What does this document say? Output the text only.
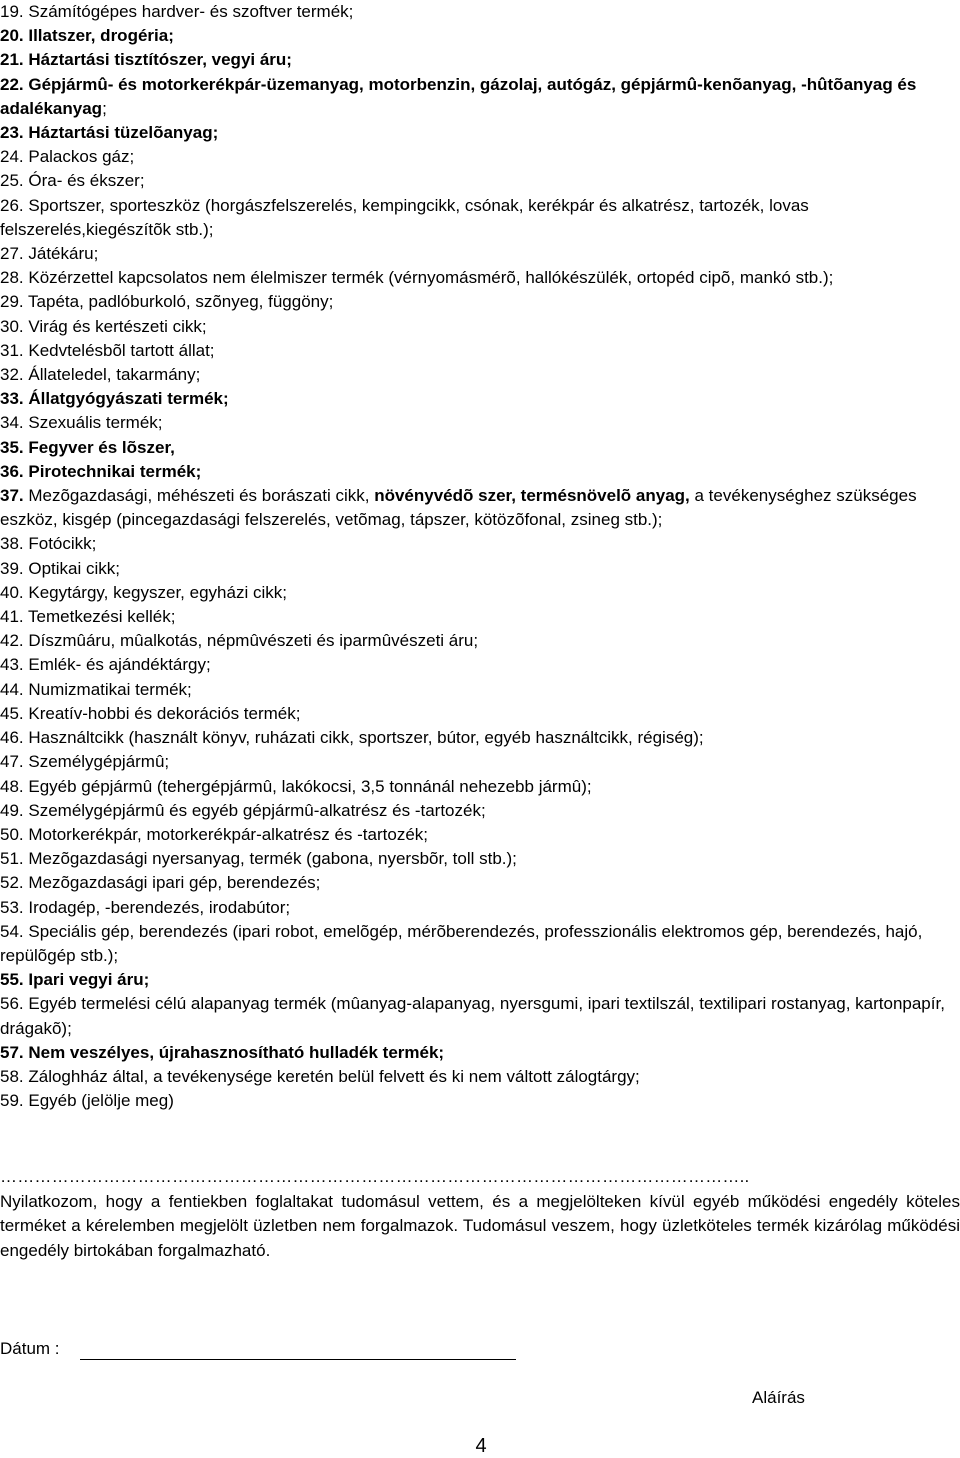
19. Számítógépes hardver- és szoftver termék;
20. Illatszer, drogéria;
21. Háztartási tisztítószer, vegyi áru;
22. Gépjármû- és motorkerékpár-üzemanyag, motorbenzin, gázolaj, autógáz, gépjármû-kenõanyag, -hûtõanyag és adalékanyag;
23. Háztartási tüzelõanyag;
24. Palackos gáz;
25. Óra- és ékszer;
26. Sportszer, sporteszköz (horgászfelszerelés, kempingcikk, csónak, kerékpár és alkatrész, tartozék, lovas felszerelés,kiegészítõk stb.);
27. Játékáru;
28. Közérzettel kapcsolatos nem élelmiszer termék (vérnyomásmérõ, hallókészülék, ortopéd cipõ, mankó stb.);
29. Tapéta, padlóburkoló, szõnyeg, függöny;
30. Virág és kertészeti cikk;
31. Kedvtelésbõl tartott állat;
32. Állateledel, takarmány;
33. Állatgyógyászati termék;
34. Szexuális termék;
35. Fegyver és lõszer,
36. Pirotechnikai termék;
37. Mezõgazdasági, méhészeti és borászati cikk, növényvédõ szer, termésnövelõ anyag, a tevékenységhez szükséges eszköz, kisgép (pincegazdasági felszerelés, vetõmag, tápszer, kötözõfonal, zsineg stb.);
38. Fotócikk;
39. Optikai cikk;
40. Kegytárgy, kegyszer, egyházi cikk;
41. Temetkezési kellék;
42. Díszmûáru, mûalkotás, népmûvészeti és iparmûvészeti áru;
43. Emlék- és ajándéktárgy;
44. Numizmatikai termék;
45. Kreatív-hobbi és dekorációs termék;
46. Használtcikk (használt könyv, ruházati cikk, sportszer, bútor, egyéb használtcikk, régiség);
47. Személygépjármû;
48. Egyéb gépjármû (tehergépjármû, lakókocsi, 3,5 tonnánál nehezebb jármû);
49. Személygépjármû és egyéb gépjármû-alkatrész és -tartozék;
50. Motorkerékpár, motorkerékpár-alkatrész és -tartozék;
51. Mezõgazdasági nyersanyag, termék (gabona, nyersbõr, toll stb.);
52. Mezõgazdasági ipari gép, berendezés;
53. Irodagép, -berendezés, irodabútor;
54. Speciális gép, berendezés (ipari robot, emelõgép, mérõberendezés, professzionális elektromos gép, berendezés, hajó, repülõgép stb.);
55. Ipari vegyi áru;
56. Egyéb termelési célú alapanyag termék (mûanyag-alapanyag, nyersgumi, ipari textilszál, textilipari rostanyag, kartonpapír, drágakõ);
57. Nem veszélyes, újrahasznosítható hulladék termék;
58. Záloghház által, a tevékenysége keretén belül felvett és ki nem váltott zálogtárgy;
59. Egyéb (jelölje meg)
…………………………………………………………………………………………………………………..
Nyilatkozom, hogy a fentiekben foglaltakat tudomásul vettem, és a megjelölteken kívül egyéb működési engedély köteles terméket a kérelemben megjelölt üzletben nem forgalmazok. Tudomásul veszem, hogy üzletköteles termék kizárólag működési engedély birtokában forgalmazható.
Dátum :
Aláírás
4
